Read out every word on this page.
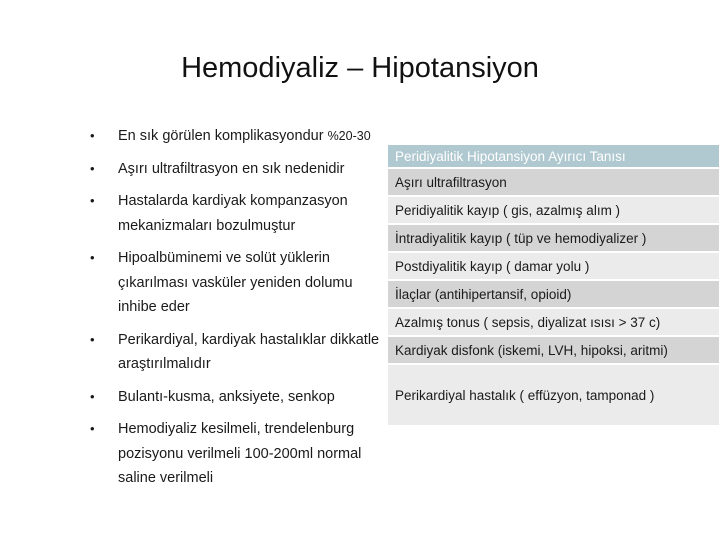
Hemodiyaliz – Hipotansiyon
• En sık görülen komplikasyondur %20-30
• Aşırı ultrafiltrasyon en sık nedenidir
• Hastalarda kardiyak kompanzasyon mekanizmaları bozulmuştur
• Hipoalbüminemi ve solüt yüklerin çıkarılması vasküler yeniden dolumu inhibe eder
• Perikardiyal, kardiyak hastalıklar dikkatle araştırılmalıdır
• Bulantı-kusma, anksiyete, senkop
• Hemodiyaliz kesilmeli, trendelenburg pozisyonu verilmeli 100-200ml normal saline verilmeli
Peridiyalitik Hipotansiyon Ayırıcı Tanısı
Aşırı ultrafiltrasyon
Peridiyalitik kayıp ( gis, azalmış alım )
İntradiyalitik kayıp ( tüp ve hemodiyalizer )
Postdiyalitik kayıp ( damar yolu )
İlaçlar (antihipertansif, opioid)
Azalmış tonus ( sepsis, diyalizat ısısı > 37 c)
Kardiyak disfonk (iskemi, LVH, hipoksi, aritmi)
Perikardiyal hastalık ( effüzyon, tamponad )
